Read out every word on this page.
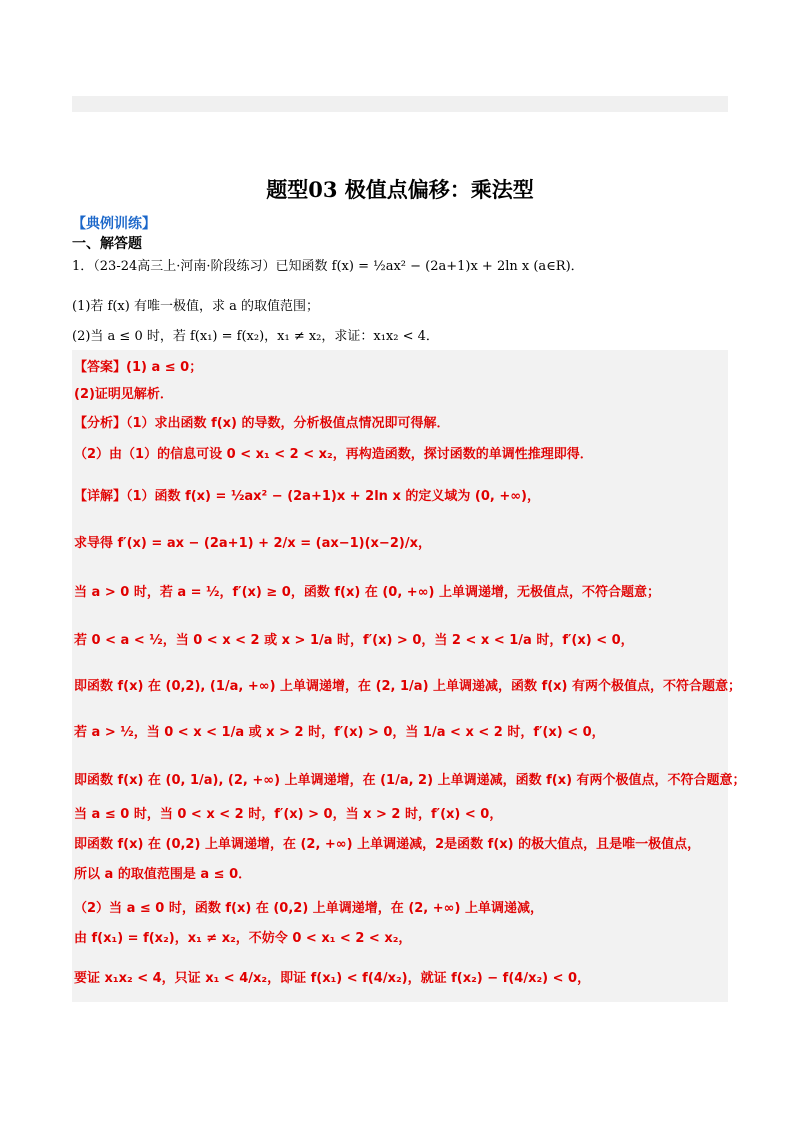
题型03 极值点偏移：乘法型
【典例训练】
一、解答题
1．（23-24高三上·河南·阶段练习）已知函数 f(x) = ½ax² − (2a+1)x + 2ln x (a∈R)．
(1)若 f(x) 有唯一极值，求 a 的取值范围；
(2)当 a ≤ 0 时，若 f(x₁) = f(x₂)，x₁ ≠ x₂，求证：x₁x₂ < 4．
【答案】(1) a ≤ 0；
(2)证明见解析．
【分析】（1）求出函数 f(x) 的导数，分析极值点情况即可得解．
（2）由（1）的信息可设 0 < x₁ < 2 < x₂，再构造函数，探讨函数的单调性推理即得．
【详解】（1）函数 f(x) = ½ax² − (2a+1)x + 2ln x 的定义域为 (0, +∞)，
求导得 f′(x) = ax − (2a+1) + 2/x = (ax−1)(x−2)/x，
当 a > 0 时，若 a = ½，f′(x) ≥ 0，函数 f(x) 在 (0, +∞) 上单调递增，无极值点，不符合题意；
若 0 < a < ½，当 0 < x < 2 或 x > 1/a 时，f′(x) > 0，当 2 < x < 1/a 时，f′(x) < 0，
即函数 f(x) 在 (0,2), (1/a, +∞) 上单调递增，在 (2, 1/a) 上单调递减，函数 f(x) 有两个极值点，不符合题意；
若 a > ½，当 0 < x < 1/a 或 x > 2 时，f′(x) > 0，当 1/a < x < 2 时，f′(x) < 0，
即函数 f(x) 在 (0, 1/a), (2, +∞) 上单调递增，在 (1/a, 2) 上单调递减，函数 f(x) 有两个极值点，不符合题意；
当 a ≤ 0 时，当 0 < x < 2 时，f′(x) > 0，当 x > 2 时，f′(x) < 0，
即函数 f(x) 在 (0,2) 上单调递增，在 (2, +∞) 上单调递减，2是函数 f(x) 的极大值点，且是唯一极值点，
所以 a 的取值范围是 a ≤ 0．
（2）当 a ≤ 0 时，函数 f(x) 在 (0,2) 上单调递增，在 (2, +∞) 上单调递减，
由 f(x₁) = f(x₂)，x₁ ≠ x₂，不妨令 0 < x₁ < 2 < x₂，
要证 x₁x₂ < 4，只证 x₁ < 4/x₂，即证 f(x₁) < f(4/x₂)，就证 f(x₂) − f(4/x₂) < 0，
